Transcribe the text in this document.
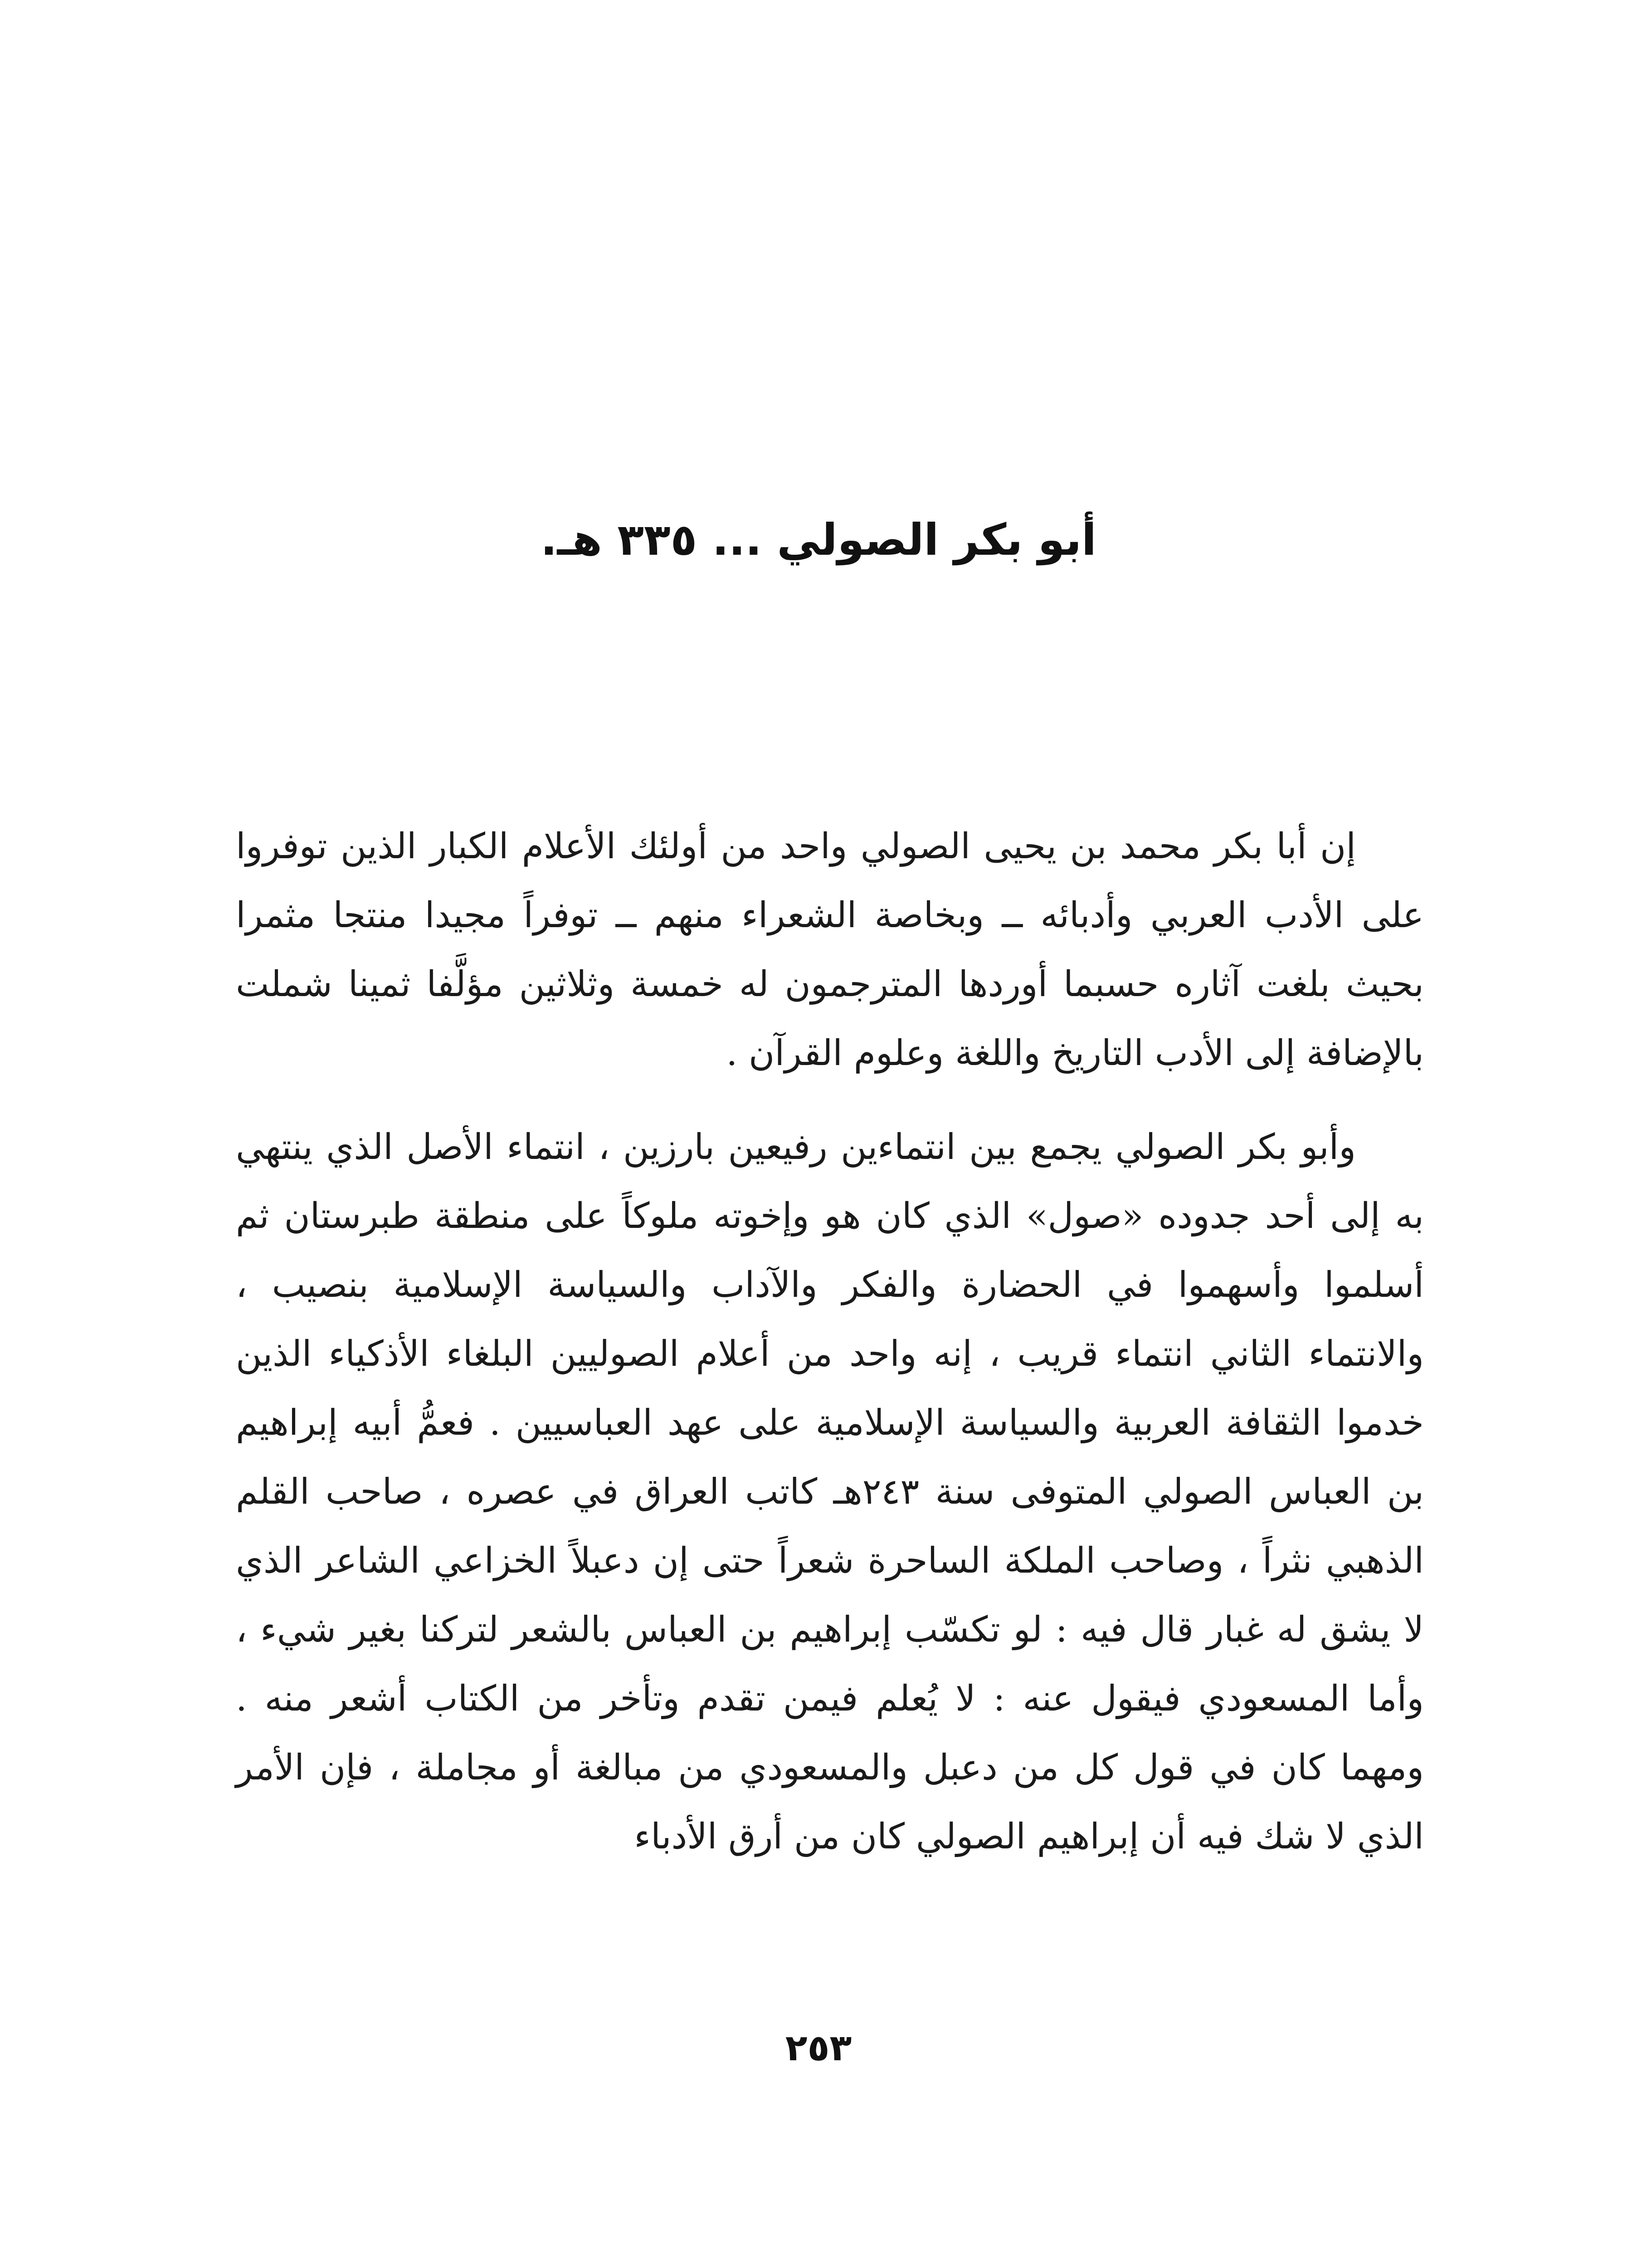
أبو بكر الصولي ... ٣٣٥ هـ.

إن أبا بكر محمد بن يحيى الصولي واحد من أولئك الأعلام الكبار الذين توفروا على الأدب العربي وأدبائه ــ وبخاصة الشعراء منهم ــ توفراً مجيدا منتجا مثمرا بحيث بلغت آثاره حسبما أوردها المترجمون له خمسة وثلاثين مؤلَّفا ثمينا شملت بالإضافة إلى الأدب التاريخ واللغة وعلوم القرآن .

وأبو بكر الصولي يجمع بين انتماءين رفيعين بارزين ، انتماء الأصل الذي ينتهي به إلى أحد جدوده «صول» الذي كان هو وإخوته ملوكاً على منطقة طبرستان ثم أسلموا وأسهموا في الحضارة والفكر والآداب والسياسة الإسلامية بنصيب ، والانتماء الثاني انتماء قريب ، إنه واحد من أعلام الصوليين البلغاء الأذكياء الذين خدموا الثقافة العربية والسياسة الإسلامية على عهد العباسيين . فعمُّ أبيه إبراهيم بن العباس الصولي المتوفى سنة ٢٤٣هـ كاتب العراق في عصره ، صاحب القلم الذهبي نثراً ، وصاحب الملكة الساحرة شعراً حتى إن دعبلاً الخزاعي الشاعر الذي لا يشق له غبار قال فيه : لو تكسّب إبراهيم بن العباس بالشعر لتركنا بغير شيء ، وأما المسعودي فيقول عنه : لا يُعلم فيمن تقدم وتأخر من الكتاب أشعر منه . ومهما كان في قول كل من دعبل والمسعودي من مبالغة أو مجاملة ، فإن الأمر الذي لا شك فيه أن إبراهيم الصولي كان من أرق الأدباء

٢٥٣
